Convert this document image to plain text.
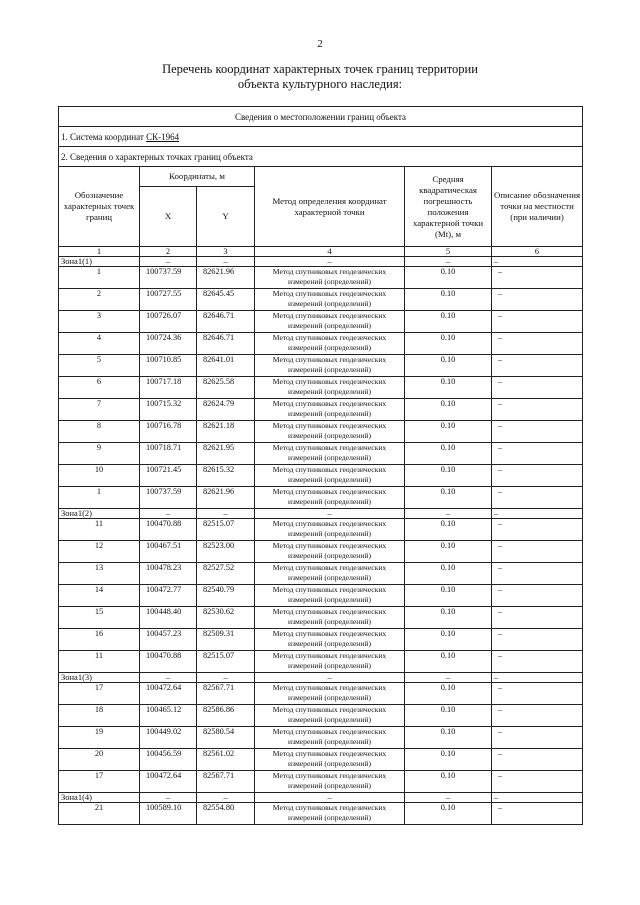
2
Перечень координат характерных точек границ территории
объекта культурного наследия:
Сведения о местоположении границ объекта					
1. Система координат СК-1964					
2. Сведения о характерных точках границ объекта					
Обозначение характерных точек границ	Координаты, м		Метод определения координат характерной точки	Средняя квадратическая погрешность положения характерной точки (Mt), м	Описание обозначения точки на местности (при наличии)
	X	Y			
1	2	3	4	5	6
Зона1(1)	–	–	–	–	–
1	100737.59	82621.96	Метод спутниковых геодезических измерений (определений)	0.10	–
2	100727.55	82645.45	Метод спутниковых геодезических измерений (определений)	0.10	–
3	100726.07	82646.71	Метод спутниковых геодезических измерений (определений)	0.10	–
4	100724.36	82646.71	Метод спутниковых геодезических измерений (определений)	0.10	–
5	100710.85	82641.01	Метод спутниковых геодезических измерений (определений)	0.10	–
6	100717.18	82625.58	Метод спутниковых геодезических измерений (определений)	0.10	–
7	100715.32	82624.79	Метод спутниковых геодезических измерений (определений)	0.10	–
8	100716.78	82621.18	Метод спутниковых геодезических измерений (определений)	0.10	–
9	100718.71	82621.95	Метод спутниковых геодезических измерений (определений)	0.10	–
10	100721.45	82615.32	Метод спутниковых геодезических измерений (определений)	0.10	–
1	100737.59	82621.96	Метод спутниковых геодезических измерений (определений)	0.10	–
Зона1(2)	–	–	–	–	–
11	100470.88	82515.07	Метод спутниковых геодезических измерений (определений)	0.10	–
12	100467.51	82523.00	Метод спутниковых геодезических измерений (определений)	0.10	–
13	100478.23	82527.52	Метод спутниковых геодезических измерений (определений)	0.10	–
14	100472.77	82540.79	Метод спутниковых геодезических измерений (определений)	0.10	–
15	100448.40	82530.62	Метод спутниковых геодезических измерений (определений)	0.10	–
16	100457.23	82509.31	Метод спутниковых геодезических измерений (определений)	0.10	–
11	100470.88	82515.07	Метод спутниковых геодезических измерений (определений)	0.10	–
Зона1(3)	–	–	–	–	–
17	100472.64	82567.71	Метод спутниковых геодезических измерений (определений)	0.10	–
18	100465.12	82586.86	Метод спутниковых геодезических измерений (определений)	0.10	–
19	100449.02	82580.54	Метод спутниковых геодезических измерений (определений)	0.10	–
20	100456.59	82561.02	Метод спутниковых геодезических измерений (определений)	0.10	–
17	100472.64	82567.71	Метод спутниковых геодезических измерений (определений)	0.10	–
Зона1(4)	–	–	–	–	–
21	100589.10	82554.80	Метод спутниковых геодезических измерений (определений)	0.10	–
